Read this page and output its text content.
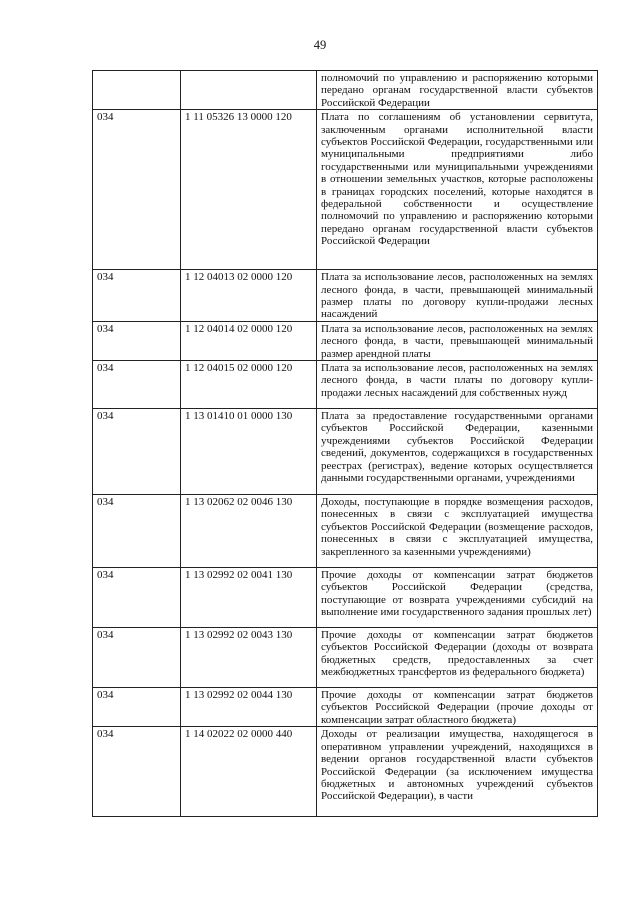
49
		полномочий по управлению и распоряжению которыми передано органам государственной власти субъектов Российской Федерации
034	1 11 05326 13 0000 120	Плата по соглашениям об установлении сервитута, заключенным органами исполнительной власти субъектов Российской Федерации, государственными или муниципальными предприятиями либо государственными или муниципальными учреждениями в отношении земельных участков, которые расположены в границах городских поселений, которые находятся в федеральной собственности и осуществление полномочий по управлению и распоряжению которыми передано органам государственной власти субъектов Российской Федерации
034	1 12 04013 02 0000 120	Плата за использование лесов, расположенных на землях лесного фонда, в части, превышающей минимальный размер платы по договору купли-продажи лесных насаждений
034	1 12 04014 02 0000 120	Плата за использование лесов, расположенных на землях лесного фонда, в части, превышающей минимальный размер арендной платы
034	1 12 04015 02 0000 120	Плата за использование лесов, расположенных на землях лесного фонда, в части платы по договору купли-продажи лесных насаждений для собственных нужд
034	1 13 01410 01 0000 130	Плата за предоставление государственными органами субъектов Российской Федерации, казенными учреждениями субъектов Российской Федерации сведений, документов, содержащихся в государственных реестрах (регистрах), ведение которых осуществляется данными государственными органами, учреждениями
034	1 13 02062 02 0046 130	Доходы, поступающие в порядке возмещения расходов, понесенных в связи с эксплуатацией имущества субъектов Российской Федерации (возмещение расходов, понесенных в связи с эксплуатацией имущества, закрепленного за казенными учреждениями)
034	1 13 02992 02 0041 130	Прочие доходы от компенсации затрат бюджетов субъектов Российской Федерации (средства, поступающие от возврата учреждениями субсидий на выполнение ими государственного задания прошлых лет)
034	1 13 02992 02 0043 130	Прочие доходы от компенсации затрат бюджетов субъектов Российской Федерации (доходы от возврата бюджетных средств, предоставленных за счет межбюджетных трансфертов из федерального бюджета)
034	1 13 02992 02 0044 130	Прочие доходы от компенсации затрат бюджетов субъектов Российской Федерации (прочие доходы от компенсации затрат областного бюджета)
034	1 14 02022 02 0000 440	Доходы от реализации имущества, находящегося в оперативном управлении учреждений, находящихся в ведении органов государственной власти субъектов Российской Федерации (за исключением имущества бюджетных и автономных учреждений субъектов Российской Федерации), в части
